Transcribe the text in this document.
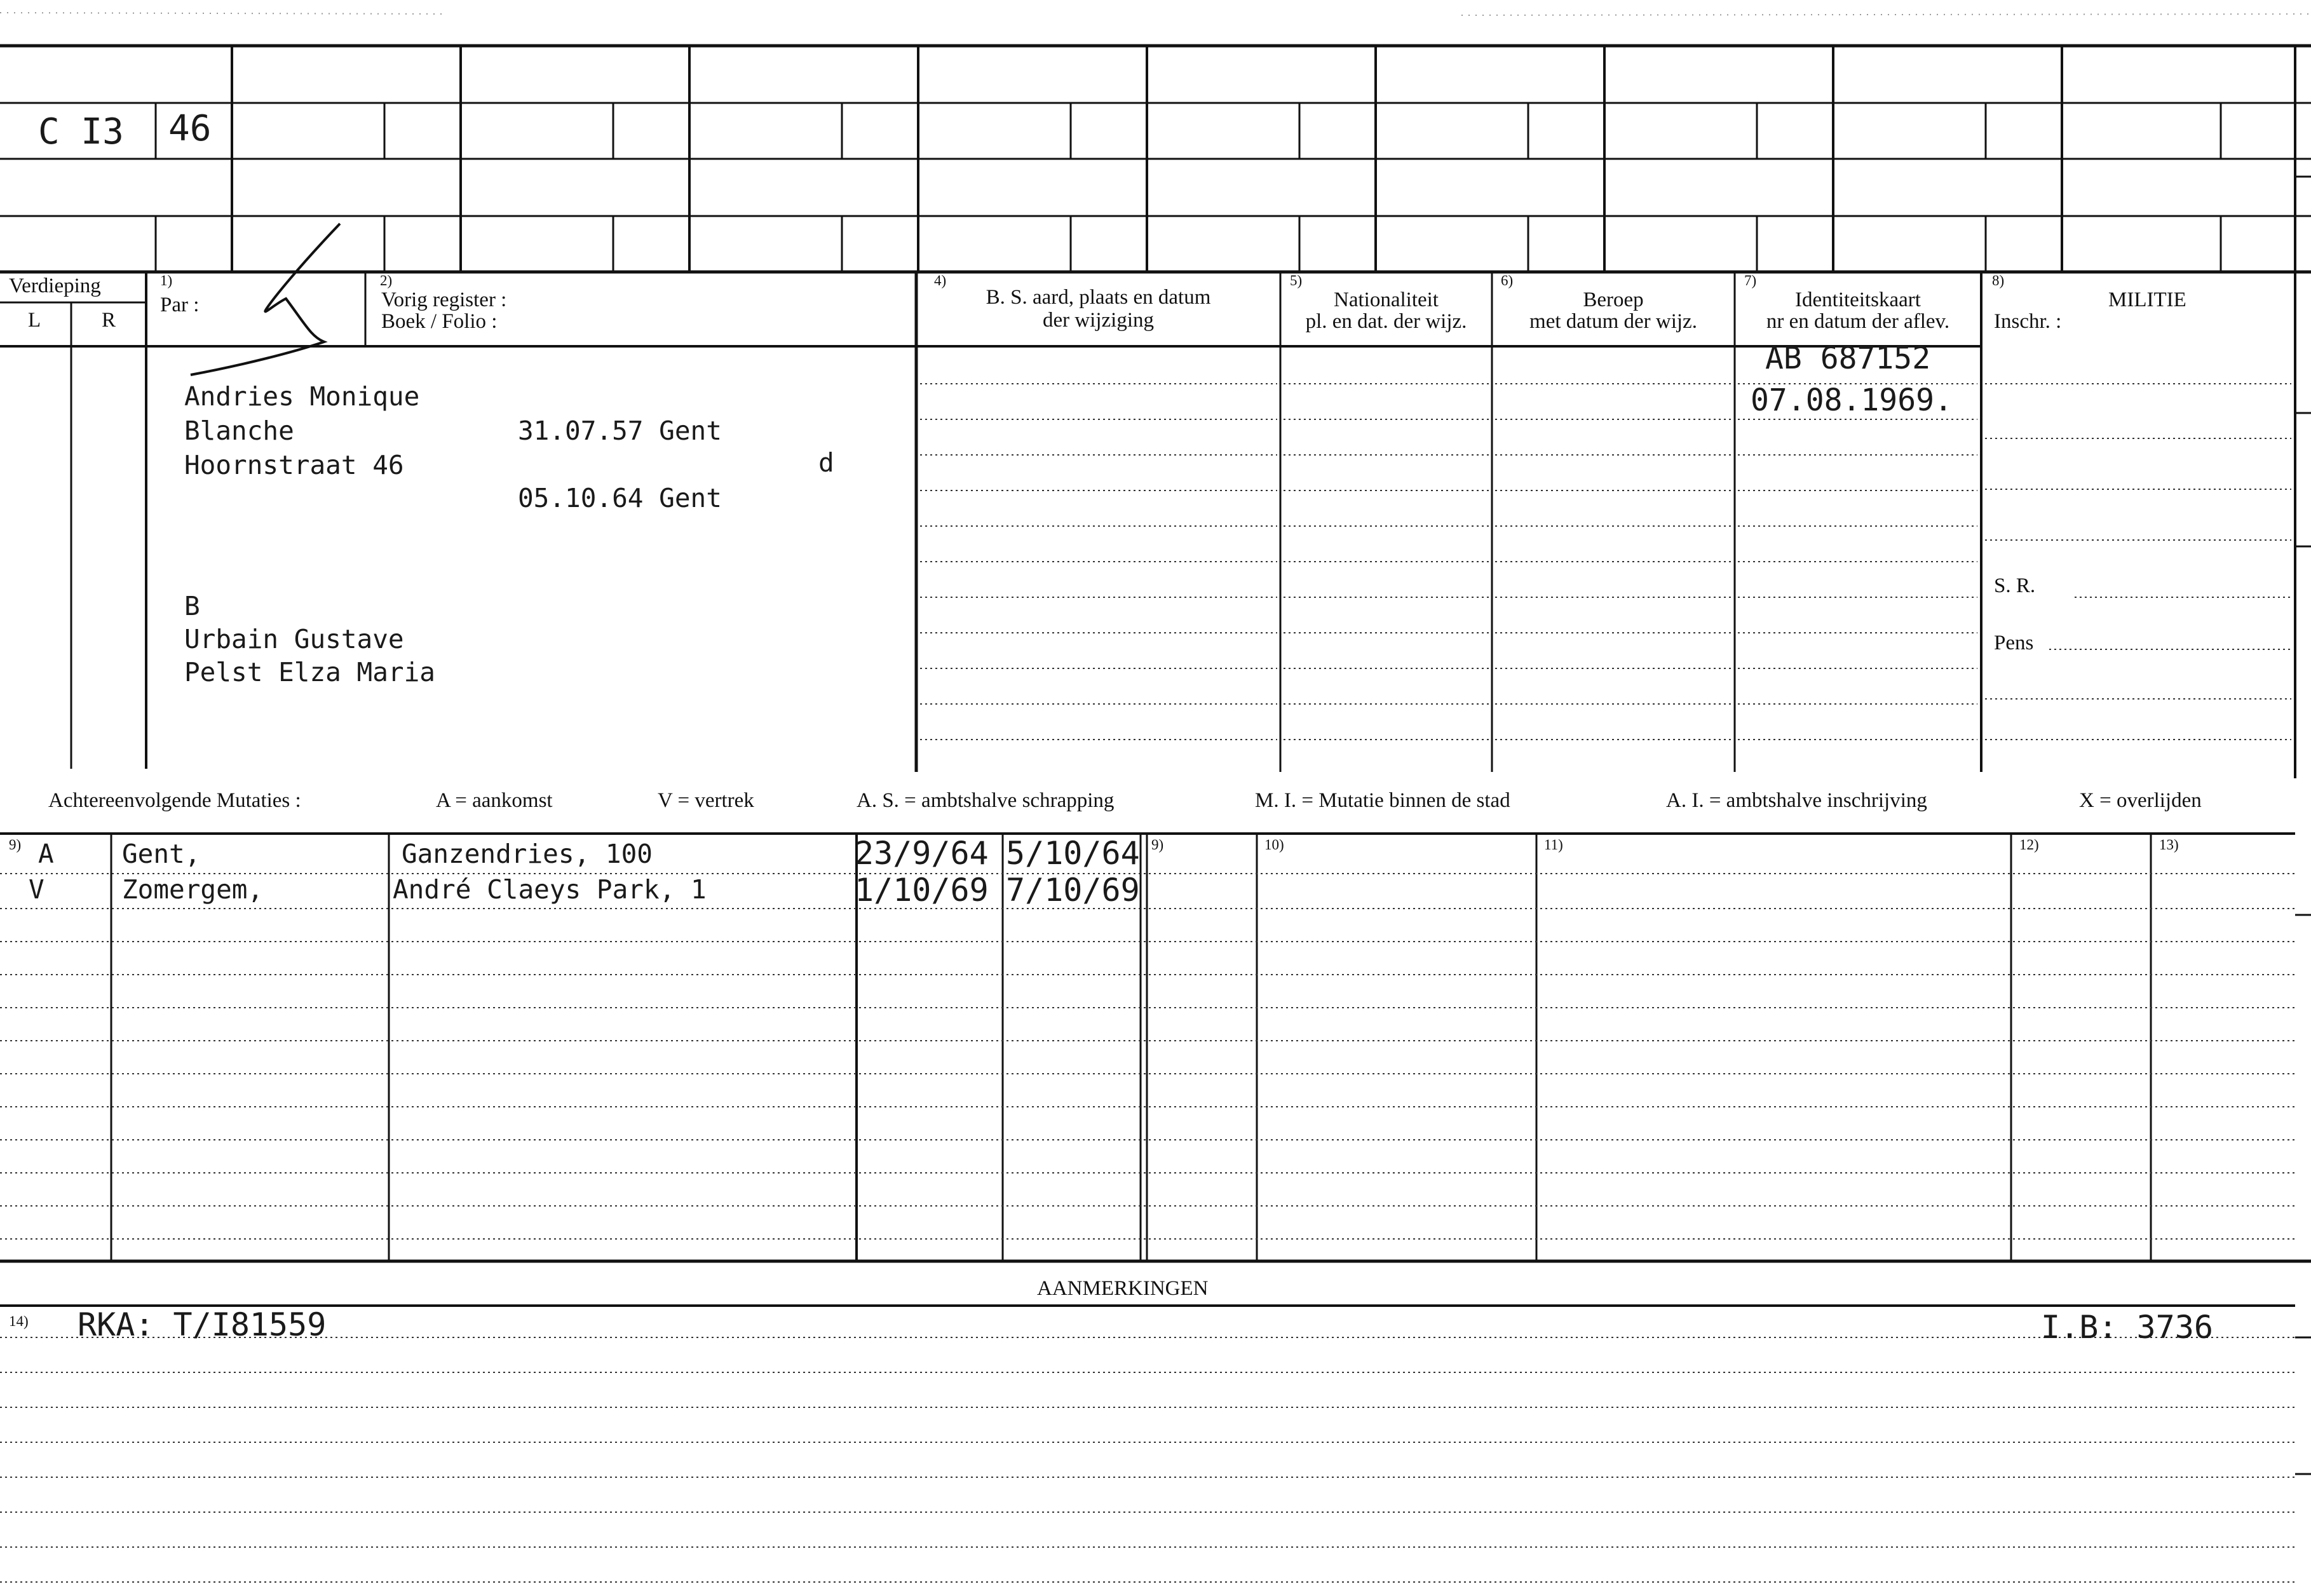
C I3 46
Verdieping
L	R
1)
Par :
2)
Vorig register :
Boek / Folio :
4)
B. S. aard, plaats en datum
der wijziging
5)
Nationaliteit
pl. en dat. der wijz.
6)
Beroep
met datum der wijz.
7)
Identiteitskaart
nr en datum der aflev.
8)
MILITIE
Inschr. :
S. R.
Pens
Andries Monique
Blanche
Hoornstraat 46
31.07.57 Gent
05.10.64 Gent
d
B
Urbain Gustave
Pelst Elza Maria
AB 687152
07.08.1969.
Achtereenvolgende Mutaties :	A = aankomst	V = vertrek	A. S. = ambtshalve schrapping	M. I. = Mutatie binnen de stad	A. I. = ambtshalve inschrijving	X = overlijden
9)	9)	10)	11)	12)	13)
A	Gent,	Ganzendries, 100	23/9/64 5/10/64
V	Zomergem,	André Claeys Park, 1	1/10/69 7/10/69
AANMERKINGEN
14) RKA: T/I81559	I.B: 3736
